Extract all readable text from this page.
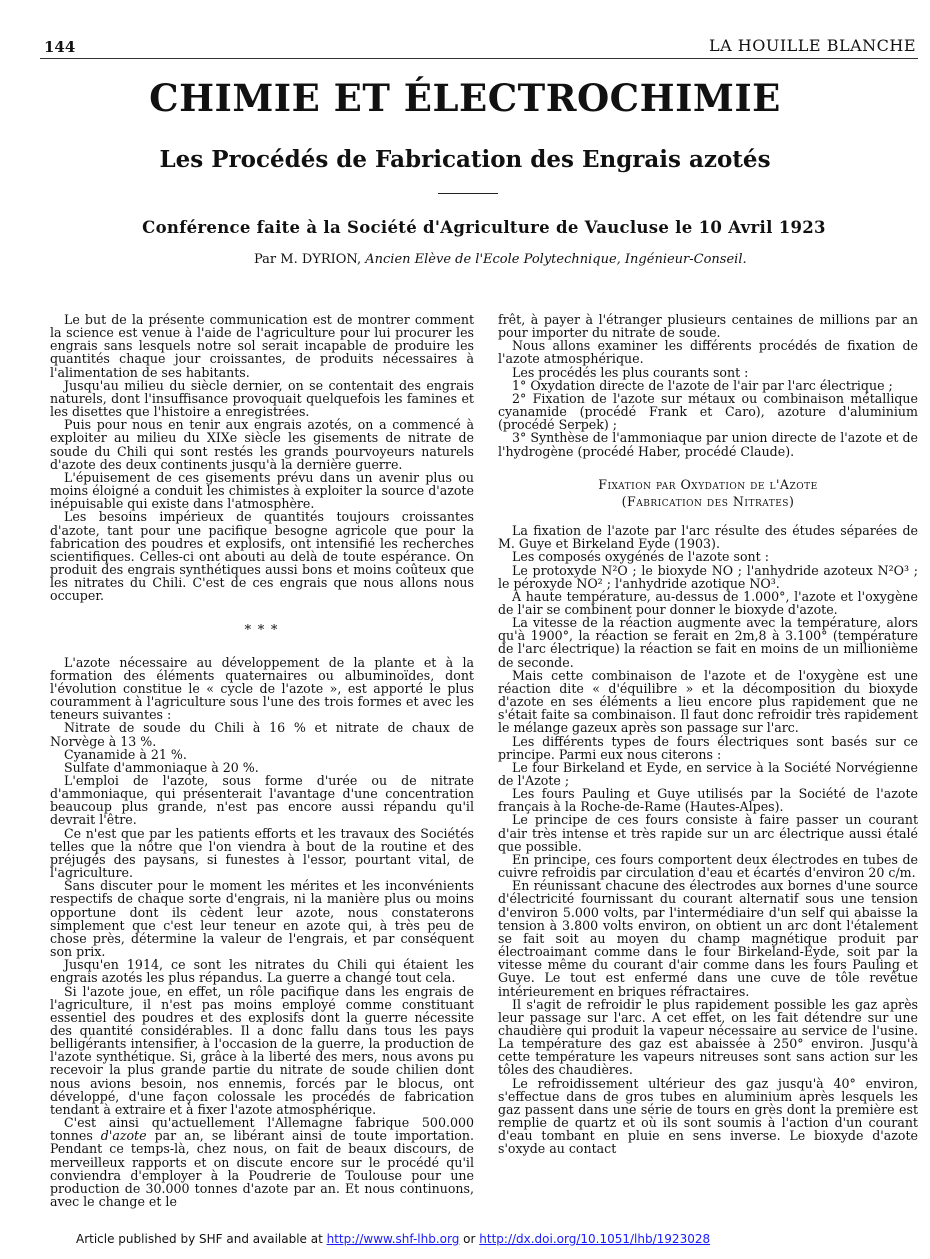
144	LA HOUILLE BLANCHE
CHIMIE ET ÉLECTROCHIMIE
Les Procédés de Fabrication des Engrais azotés
Conférence faite à la Société d'Agriculture de Vaucluse le 10 Avril 1923
Par M. DYRION, Ancien Elève de l'Ecole Polytechnique, Ingénieur-Conseil.

Le but de la présente communication est de montrer comment la science est venue à l'aide de l'agriculture pour lui procurer les engrais sans lesquels notre sol serait incapable de produire les quantités chaque jour croissantes, de produits nécessaires à l'alimentation de ses habitants.

Jusqu'au milieu du siècle dernier, on se contentait des engrais naturels, dont l'insuffisance provoquait quelquefois les famines et les disettes que l'histoire a enregistrées.

Puis pour nous en tenir aux engrais azotés, on a commencé à exploiter au milieu du XIXe siècle les gisements de nitrate de soude du Chili qui sont restés les grands pourvoyeurs naturels d'azote des deux continents jusqu'à la dernière guerre.

L'épuisement de ces gisements prévu dans un avenir plus ou moins éloigné a conduit les chimistes à exploiter la source d'azote inépuisable qui existe dans l'atmosphère.

Les besoins impérieux de quantités toujours croissantes d'azote, tant pour une pacifique besogne agricole que pour la fabrication des poudres et explosifs, ont intensifié les recherches scientifiques. Celles-ci ont abouti au delà de toute espérance. On produit des engrais synthétiques aussi bons et moins coûteux que les nitrates du Chili. C'est de ces engrais que nous allons nous occuper.

* * *

L'azote nécessaire au développement de la plante et à la formation des éléments quaternaires ou albuminoïdes, dont l'évolution constitue le « cycle de l'azote », est apporté le plus couramment à l'agriculture sous l'une des trois formes et avec les teneurs suivantes :

Nitrate de soude du Chili à 16 % et nitrate de chaux de Norvège à 13 %.

Cyanamide à 21 %.

Sulfate d'ammoniaque à 20 %.

L'emploi de l'azote, sous forme d'urée ou de nitrate d'ammoniaque, qui présenterait l'avantage d'une concentration beaucoup plus grande, n'est pas encore aussi répandu qu'il devrait l'être.

Ce n'est que par les patients efforts et les travaux des Sociétés telles que la nôtre que l'on viendra à bout de la routine et des préjugés des paysans, si funestes à l'essor, pourtant vital, de l'agriculture.

Sans discuter pour le moment les mérites et les inconvénients respectifs de chaque sorte d'engrais, ni la manière plus ou moins opportune dont ils cèdent leur azote, nous constaterons simplement que c'est leur teneur en azote qui, à très peu de chose près, détermine la valeur de l'engrais, et par conséquent son prix.

Jusqu'en 1914, ce sont les nitrates du Chili qui étaient les engrais azotés les plus répandus. La guerre a changé tout cela.

Si l'azote joue, en effet, un rôle pacifique dans les engrais de l'agriculture, il n'est pas moins employé comme constituant essentiel des poudres et des explosifs dont la guerre nécessite des quantité considérables. Il a donc fallu dans tous les pays belligérants intensifier, à l'occasion de la guerre, la production de l'azote synthétique. Si, grâce à la liberté des mers, nous avons pu recevoir la plus grande partie du nitrate de soude chilien dont nous avions besoin, nos ennemis, forcés par le blocus, ont développé, d'une façon colossale les procédés de fabrication tendant à extraire et à fixer l'azote atmosphérique.

C'est ainsi qu'actuellement l'Allemagne fabrique 500.000 tonnes d'azote par an, se libérant ainsi de toute importation. Pendant ce temps-là, chez nous, on fait de beaux discours, de merveilleux rapports et on discute encore sur le procédé qu'il conviendra d'employer à la Poudrerie de Toulouse pour une production de 30.000 tonnes d'azote par an. Et nous continuons, avec le change et le

frêt, à payer à l'étranger plusieurs centaines de millions par an pour importer du nitrate de soude.

Nous allons examiner les différents procédés de fixation de l'azote atmosphérique.

Les procédés les plus courants sont :

1° Oxydation directe de l'azote de l'air par l'arc électrique ;

2° Fixation de l'azote sur métaux ou combinaison métallique cyanamide (procédé Frank et Caro), azoture d'aluminium (procédé Serpek) ;

3° Synthèse de l'ammoniaque par union directe de l'azote et de l'hydrogène (procédé Haber, procédé Claude).

Fixation par Oxydation de l'Azote

(Fabrication des Nitrates)

La fixation de l'azote par l'arc résulte des études séparées de M. Guye et Birkeland Eyde (1903).

Les composés oxygénés de l'azote sont :

Le protoxyde N²O ; le bioxyde NO ; l'anhydride azoteux N²O³ ; le péroxyde NO² ; l'anhydride azotique NO³.

A haute température, au-dessus de 1.000°, l'azote et l'oxygène de l'air se combinent pour donner le bioxyde d'azote.

La vitesse de la réaction augmente avec la température, alors qu'à 1900°, la réaction se ferait en 2m,8 à 3.100° (température de l'arc électrique) la réaction se fait en moins de un millionième de seconde.

Mais cette combinaison de l'azote et de l'oxygène est une réaction dite « d'équilibre » et la décomposition du bioxyde d'azote en ses éléments a lieu encore plus rapidement que ne s'était faite sa combinaison. Il faut donc refroidir très rapidement le mélange gazeux après son passage sur l'arc.

Les différents types de fours électriques sont basés sur ce principe. Parmi eux nous citerons :

Le four Birkeland et Eyde, en service à la Société Norvégienne de l'Azote ;

Les fours Pauling et Guye utilisés par la Société de l'azote français à la Roche-de-Rame (Hautes-Alpes).

Le principe de ces fours consiste à faire passer un courant d'air très intense et très rapide sur un arc électrique aussi étalé que possible.

En principe, ces fours comportent deux électrodes en tubes de cuivre refroidis par circulation d'eau et écartés d'environ 20 c/m.

En réunissant chacune des électrodes aux bornes d'une source d'électricité fournissant du courant alternatif sous une tension d'environ 5.000 volts, par l'intermédiaire d'un self qui abaisse la tension à 3.800 volts environ, on obtient un arc dont l'étalement se fait soit au moyen du champ magnétique produit par électroaimant comme dans le four Birkeland-Eyde, soit par la vitesse même du courant d'air comme dans les fours Pauling et Guye. Le tout est enfermé dans une cuve de tôle revêtue intérieurement en briques réfractaires.

Il s'agit de refroidir le plus rapidement possible les gaz après leur passage sur l'arc. A cet effet, on les fait détendre sur une chaudière qui produit la vapeur nécessaire au service de l'usine. La température des gaz est abaissée à 250° environ. Jusqu'à cette température les vapeurs nitreuses sont sans action sur les tôles des chaudières.

Le refroidissement ultérieur des gaz jusqu'à 40° environ, s'effectue dans de gros tubes en aluminium après lesquels les gaz passent dans une série de tours en grès dont la première est remplie de quartz et où ils sont soumis à l'action d'un courant d'eau tombant en pluie en sens inverse. Le bioxyde d'azote s'oxyde au contact

Article published by SHF and available at http://www.shf-lhb.org or http://dx.doi.org/10.1051/lhb/1923028
